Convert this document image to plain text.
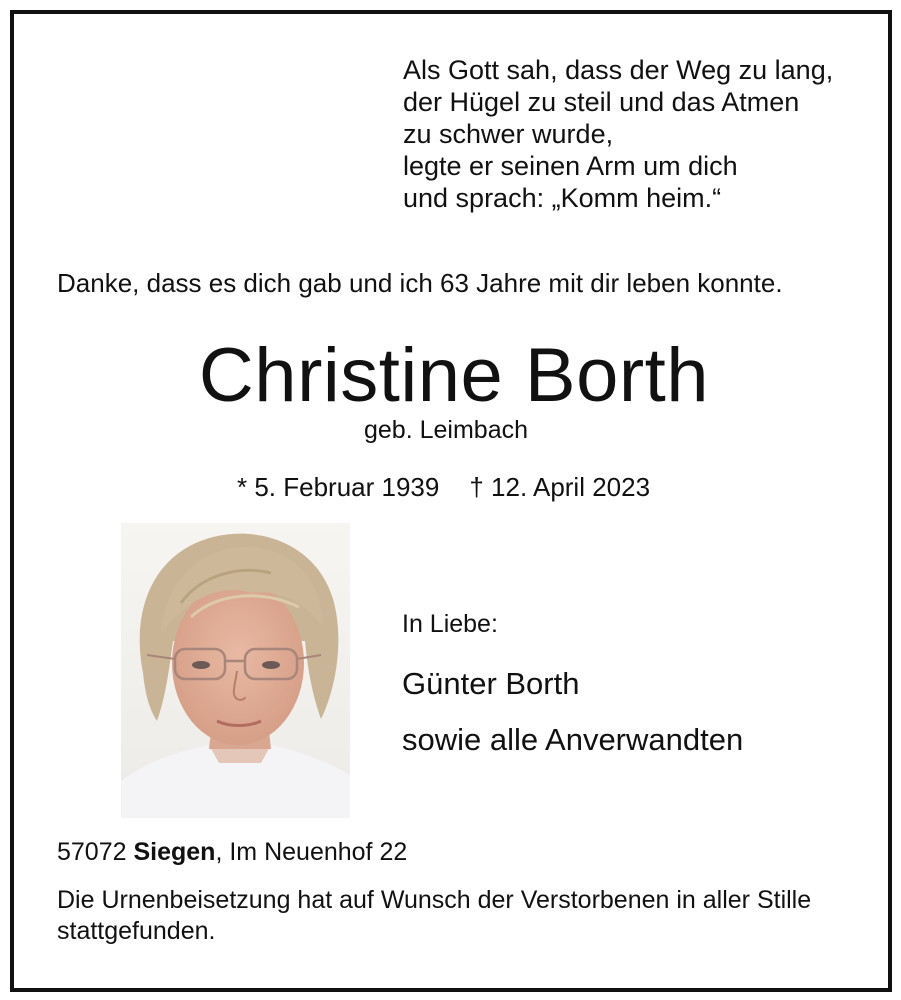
Als Gott sah, dass der Weg zu lang,
der Hügel zu steil und das Atmen
zu schwer wurde,
legte er seinen Arm um dich
und sprach: „Komm heim.“
Danke, dass es dich gab und ich 63 Jahre mit dir leben konnte.
Christine Borth
geb. Leimbach
* 5. Februar 1939 † 12. April 2023
In Liebe:
Günter Borth
sowie alle Anverwandten
57072 Siegen, Im Neuenhof 22
Die Urnenbeisetzung hat auf Wunsch der Verstorbenen in aller Stille stattgefunden.
